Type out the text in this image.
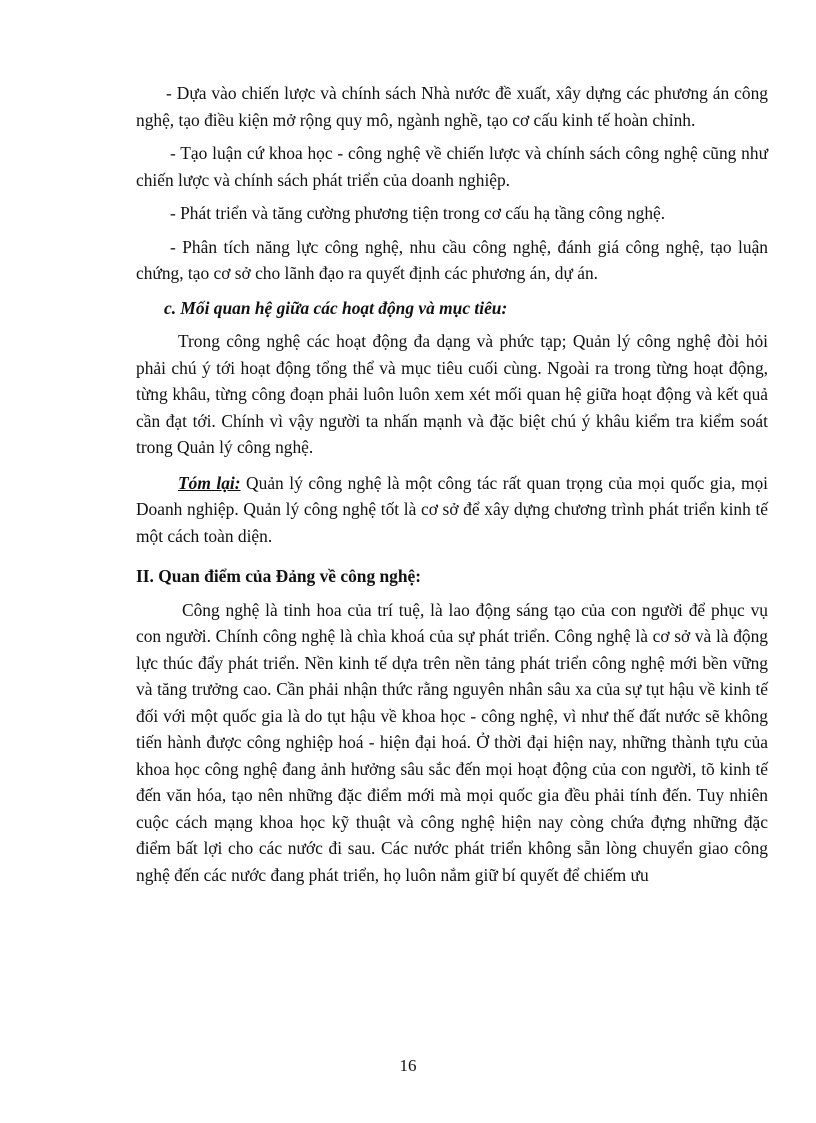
- Dựa vào chiến lược và chính sách Nhà nước đề xuất, xây dựng các phương án công nghệ, tạo điều kiện mở rộng quy mô, ngành nghề, tạo cơ cấu kinh tế hoàn chỉnh.

- Tạo luận cứ khoa học - công nghệ về chiến lược và chính sách công nghệ cũng như chiến lược và chính sách phát triển của doanh nghiệp.

- Phát triển và tăng cường phương tiện trong cơ cấu hạ tầng công nghệ.

- Phân tích năng lực công nghệ, nhu cầu công nghệ, đánh giá công nghệ, tạo luận chứng, tạo cơ sở cho lãnh đạo ra quyết định các phương án, dự án.

c. Mối quan hệ giữa các hoạt động và mục tiêu:

Trong công nghệ các hoạt động đa dạng và phức tạp; Quản lý công nghệ đòi hỏi phải chú ý tới hoạt động tổng thể và mục tiêu cuối cùng. Ngoài ra trong từng hoạt động, từng khâu, từng công đoạn phải luôn luôn xem xét mối quan hệ giữa hoạt động và kết quả cần đạt tới. Chính vì vậy người ta nhấn mạnh và đặc biệt chú ý khâu kiểm tra kiểm soát trong Quản lý công nghệ.

Tóm lại: Quản lý công nghệ là một công tác rất quan trọng của mọi quốc gia, mọi Doanh nghiệp. Quản lý công nghệ tốt là cơ sở để xây dựng chương trình phát triển kinh tế một cách toàn diện.

II. Quan điểm của Đảng về công nghệ:

Công nghệ là tinh hoa của trí tuệ, là lao động sáng tạo của con người để phục vụ con người. Chính công nghệ là chìa khoá của sự phát triển. Công nghệ là cơ sở và là động lực thúc đẩy phát triển. Nền kinh tế dựa trên nền tảng phát triển công nghệ mới bền vững và tăng trưởng cao. Cần phải nhận thức rằng nguyên nhân sâu xa của sự tụt hậu về kinh tế đối với một quốc gia là do tụt hậu về khoa học - công nghệ, vì như thế đất nước sẽ không tiến hành được công nghiệp hoá - hiện đại hoá. Ở thời đại hiện nay, những thành tựu của khoa học công nghệ đang ảnh hưởng sâu sắc đến mọi hoạt động của con người, tõ kinh tế đến văn hóa, tạo nên những đặc điểm mới mà mọi quốc gia đều phải tính đến. Tuy nhiên cuộc cách mạng khoa học kỹ thuật và công nghệ hiện nay còng chứa đựng những đặc điểm bất lợi cho các nước đi sau. Các nước phát triển không sẵn lòng chuyển giao công nghệ đến các nước đang phát triển, họ luôn nắm giữ bí quyết để chiếm ưu

16
